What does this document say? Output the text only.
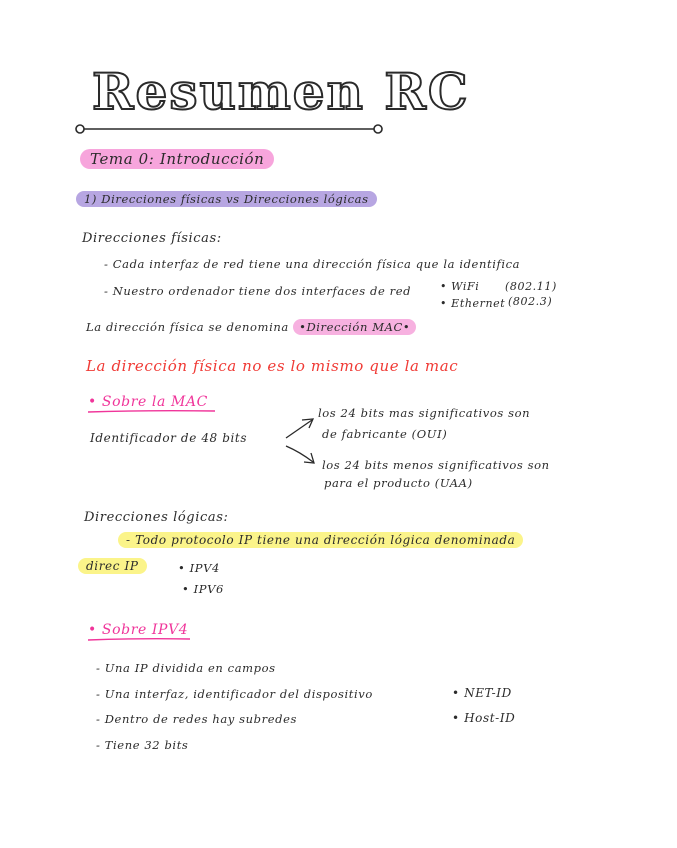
Resumen RC
Tema 0: Introducción
1) Direcciones físicas vs Direcciones lógicas
Direcciones físicas:
- Cada interfaz de red tiene una dirección física que la identifica
- Nuestro ordenador tiene dos interfaces de red	• WiFi (802.11)
• Ethernet (802.3)
La dirección física se denomina •Dirección MAC•
La dirección física no es lo mismo que la mac
• Sobre la MAC
Identificador de 48 bits
los 24 bits mas significativos son
de fabricante (OUI)
los 24 bits menos significativos son
para el producto (UAA)
Direcciones lógicas:
- Todo protocolo IP tiene una dirección lógica denominada
direc IP	• IPV4
• IPV6
• Sobre IPV4
- Una IP dividida en campos
- Una interfaz, identificador del dispositivo
- Dentro de redes hay subredes
- Tiene 32 bits
• NET-ID
• Host-ID
